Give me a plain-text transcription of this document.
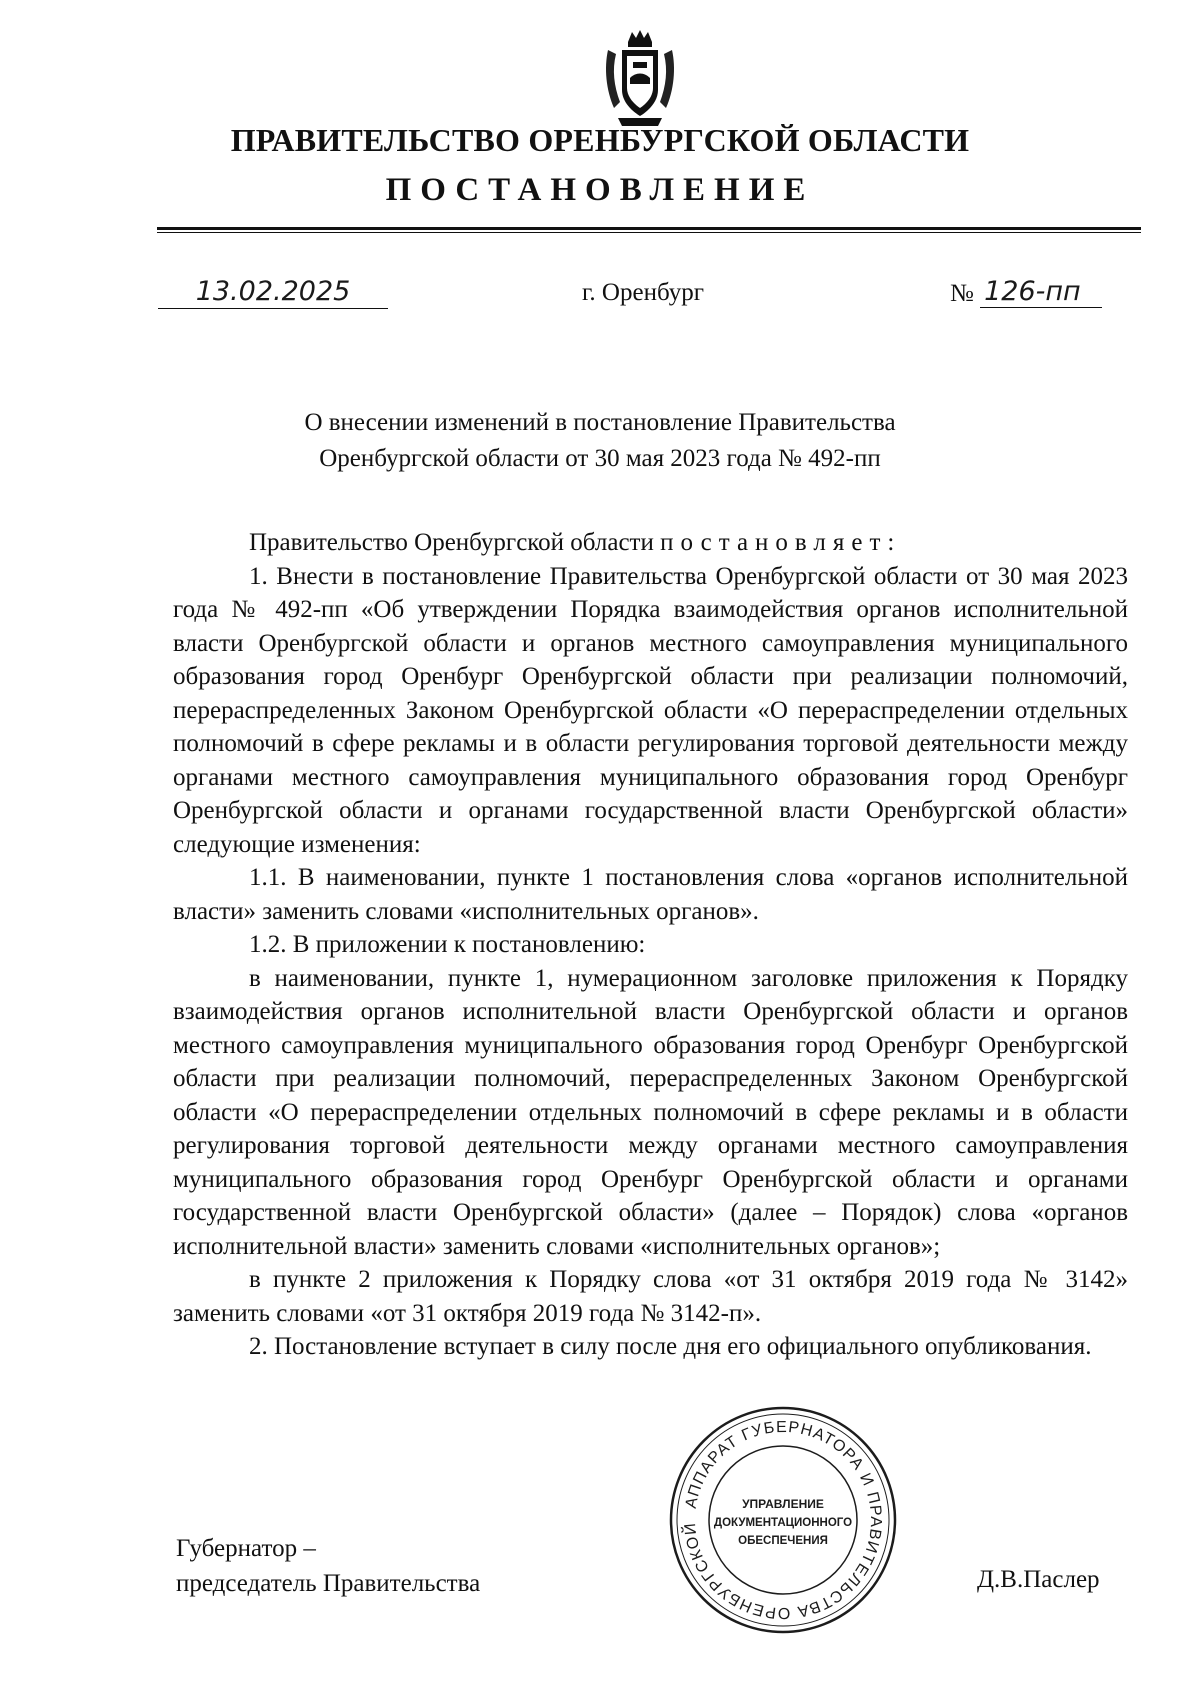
ПРАВИТЕЛЬСТВО ОРЕНБУРГСКОЙ ОБЛАСТИ
ПОСТАНОВЛЕНИЕ
13.02.2025	г. Оренбург	№ 126-пп
О внесении изменений в постановление Правительства
Оренбургской области от 30 мая 2023 года № 492-пп

Правительство Оренбургской области постановляет:

1. Внести в постановление Правительства Оренбургской области от 30 мая 2023 года № 492-пп «Об утверждении Порядка взаимодействия органов исполнительной власти Оренбургской области и органов местного самоуправления муниципального образования город Оренбург Оренбургской области при реализации полномочий, перераспределенных Законом Оренбургской области «О перераспределении отдельных полномочий в сфере рекламы и в области регулирования торговой деятельности между органами местного самоуправления муниципального образования город Оренбург Оренбургской области и органами государственной власти Оренбургской области» следующие изменения:

1.1. В наименовании, пункте 1 постановления слова «органов исполнительной власти» заменить словами «исполнительных органов».

1.2. В приложении к постановлению:

в наименовании, пункте 1, нумерационном заголовке приложения к Порядку взаимодействия органов исполнительной власти Оренбургской области и органов местного самоуправления муниципального образования город Оренбург Оренбургской области при реализации полномочий, перераспределенных Законом Оренбургской области «О перераспределении отдельных полномочий в сфере рекламы и в области регулирования торговой деятельности между органами местного самоуправления муниципального образования город Оренбург Оренбургской области и органами государственной власти Оренбургской области» (далее – Порядок) слова «органов исполнительной власти» заменить словами «исполнительных органов»;

в пункте 2 приложения к Порядку слова «от 31 октября 2019 года № 3142» заменить словами «от 31 октября 2019 года № 3142-п».

2. Постановление вступает в силу после дня его официального опубликования.

Губернатор –
председатель Правительства	Д.В.Паслер
АППАРАТ ГУБЕРНАТОРА И ПРАВИТЕЛЬСТВА ОРЕНБУРГСКОЙ
УПРАВЛЕНИЕ
ДОКУМЕНТАЦИОННОГО
ОБЕСПЕЧЕНИЯ
